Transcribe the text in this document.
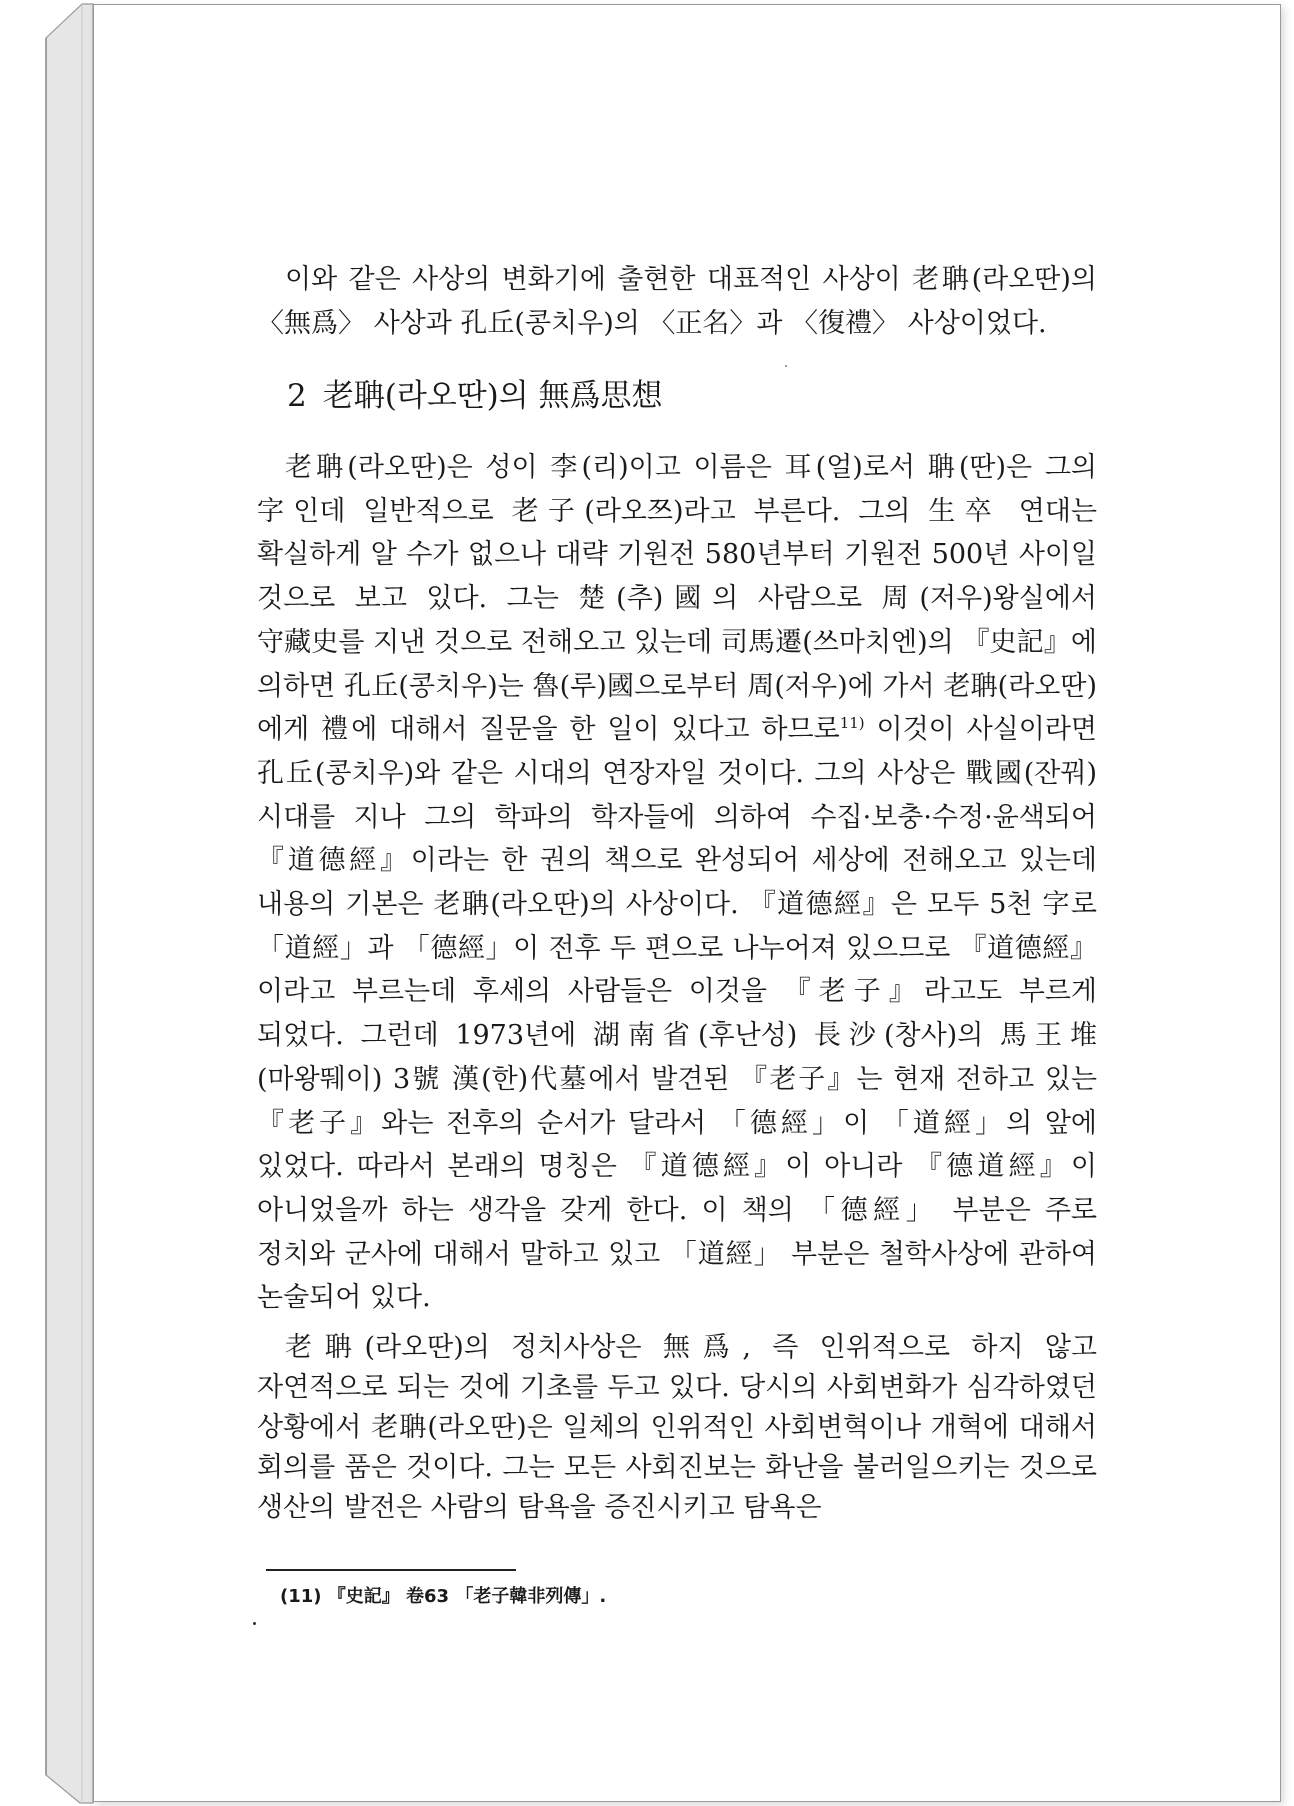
이와 같은 사상의 변화기에 출현한 대표적인 사상이 老聃(라오딴)의 〈無爲〉 사상과 孔丘(콩치우)의 〈正名〉과 〈復禮〉 사상이었다.

2 老聃(라오딴)의 無爲思想

老聃(라오딴)은 성이 李(리)이고 이름은 耳(얼)로서 聃(딴)은 그의 字인데 일반적으로 老子(라오쯔)라고 부른다. 그의 生卒 연대는 확실하게 알 수가 없으나 대략 기원전 580년부터 기원전 500년 사이일 것으로 보고 있다. 그는 楚(추)國의 사람으로 周(저우)왕실에서 守藏史를 지낸 것으로 전해오고 있는데 司馬遷(쓰마치엔)의 『史記』에 의하면 孔丘(콩치우)는 魯(루)國으로부터 周(저우)에 가서 老聃(라오딴)에게 禮에 대해서 질문을 한 일이 있다고 하므로$^{11)}$ 이것이 사실이라면 孔丘(콩치우)와 같은 시대의 연장자일 것이다. 그의 사상은 戰國(잔꿔)시대를 지나 그의 학파의 학자들에 의하여 수집·보충·수정·윤색되어 『道德經』이라는 한 권의 책으로 완성되어 세상에 전해오고 있는데 내용의 기본은 老聃(라오딴)의 사상이다. 『道德經』은 모두 5천 字로 「道經」과 「德經」이 전후 두 편으로 나누어져 있으므로 『道德經』이라고 부르는데 후세의 사람들은 이것을 『老子』라고도 부르게 되었다. 그런데 1973년에 湖南省(후난성) 長沙(창사)의 馬王堆(마왕뛔이) 3號 漢(한)代墓에서 발견된 『老子』는 현재 전하고 있는 『老子』와는 전후의 순서가 달라서 「德經」이 「道經」의 앞에 있었다. 따라서 본래의 명칭은 『道德經』이 아니라 『德道經』이 아니었을까 하는 생각을 갖게 한다. 이 책의 「德經」 부분은 주로 정치와 군사에 대해서 말하고 있고 「道經」 부분은 철학사상에 관하여 논술되어 있다.

老聃(라오딴)의 정치사상은 無爲, 즉 인위적으로 하지 않고 자연적으로 되는 것에 기초를 두고 있다. 당시의 사회변화가 심각하였던 상황에서 老聃(라오딴)은 일체의 인위적인 사회변혁이나 개혁에 대해서 회의를 품은 것이다. 그는 모든 사회진보는 화난을 불러일으키는 것으로 생산의 발전은 사람의 탐욕을 증진시키고 탐욕은

(11) 『史記』 卷63 「老子韓非列傳」.
